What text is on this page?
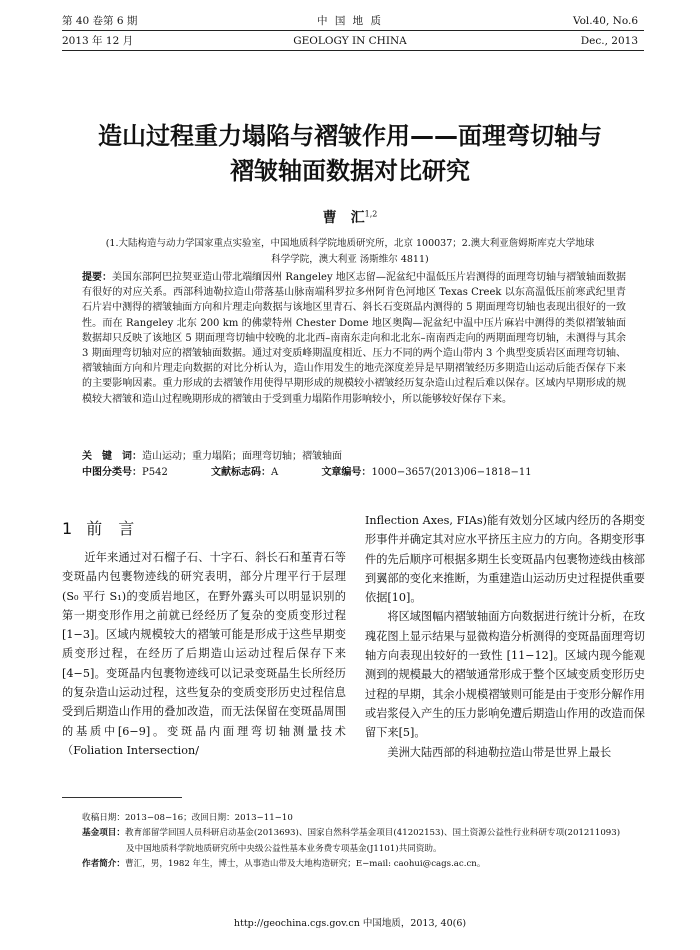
第 40 卷第 6 期
2013 年 12 月
中 国 地 质
GEOLOGY IN CHINA
Vol.40, No.6
Dec., 2013
造山过程重力塌陷与褶皱作用——面理弯切轴与
褶皱轴面数据对比研究
曹　汇$^{1,2}$
(1.大陆构造与动力学国家重点实验室，中国地质科学院地质研究所，北京 100037；2.澳大利亚詹姆斯库克大学地球
科学学院，澳大利亚 汤斯维尔 4811)
提要：美国东部阿巴拉契亚造山带北端缅因州 Rangeley 地区志留—泥盆纪中温低压片岩测得的面理弯切轴与褶皱轴面数据有很好的对应关系。西部科迪勒拉造山带落基山脉南端科罗拉多州阿肯色河地区 Texas Creek 以东高温低压前寒武纪里青石片岩中测得的褶皱轴面方向和片理走向数据与该地区里青石、斜长石变斑晶内测得的 5 期面理弯切轴也表现出很好的一致性。而在 Rangeley 北东 200 km 的佛蒙特州 Chester Dome 地区奥陶—泥盆纪中温中压片麻岩中测得的类似褶皱轴面数据却只反映了该地区 5 期面理弯切轴中较晚的北北西–南南东走向和北北东–南南西走向的两期面理弯切轴，未测得与其余 3 期面理弯切轴对应的褶皱轴面数据。通过对变质峰期温度相近、压力不同的两个造山带内 3 个典型变质岩区面理弯切轴、褶皱轴面方向和片理走向数据的对比分析认为，造山作用发生的地壳深度差异是早期褶皱经历多期造山运动后能否保存下来的主要影响因素。重力形成的去褶皱作用使得早期形成的规模较小褶皱经历复杂造山过程后难以保存。区域内早期形成的规模较大褶皱和造山过程晚期形成的褶皱由于受到重力塌陷作用影响较小，所以能够较好保存下来。
关　键　词：造山运动；重力塌陷；面理弯切轴；褶皱轴面
中图分类号：P542	文献标志码：A	文章编号：1000−3657(2013)06−1818−11
1 前　言

近年来通过对石榴子石、十字石、斜长石和堇青石等变斑晶内包裹物迹线的研究表明，部分片理平行于层理(S₀ 平行 S₁)的变质岩地区，在野外露头可以明显识别的第一期变形作用之前就已经经历了复杂的变质变形过程[1−3]。区域内规模较大的褶皱可能是形成于这些早期变质变形过程，在经历了后期造山运动过程后保存下来[4−5]。变斑晶内包裹物迹线可以记录变斑晶生长所经历的复杂造山运动过程，这些复杂的变质变形历史过程信息受到后期造山作用的叠加改造，而无法保留在变斑晶周围的基质中[6−9]。变斑晶内面理弯切轴测量技术（Foliation Intersection/

Inflection Axes, FIAs)能有效划分区域内经历的各期变形事件并确定其对应水平挤压主应力的方向。各期变形事件的先后顺序可根据多期生长变斑晶内包裹物迹线由核部到翼部的变化来推断，为重建造山运动历史过程提供重要依据[10]。

将区域图幅内褶皱轴面方向数据进行统计分析，在玫瑰花图上显示结果与显微构造分析测得的变斑晶面理弯切轴方向表现出较好的一致性 [11−12]。区域内现今能观测到的规模最大的褶皱通常形成于整个区域变质变形历史过程的早期，其余小规模褶皱则可能是由于变形分解作用或岩浆侵入产生的压力影响免遭后期造山作用的改造而保留下来[5]。

美洲大陆西部的科迪勒拉造山带是世界上最长

收稿日期：2013−08−16；改回日期：2013−11−10
基金项目：教育部留学回国人员科研启动基金(2013693)、国家自然科学基金项目(41202153)、国土资源公益性行业科研专项(201211093)
及中国地质科学院地质研究所中央级公益性基本业务费专项基金(J1101)共同资助。
作者简介：曹汇，男，1982 年生，博士，从事造山带及大地构造研究；E−mail: caohui@cags.ac.cn。
http://geochina.cgs.gov.cn 中国地质，2013, 40(6)
